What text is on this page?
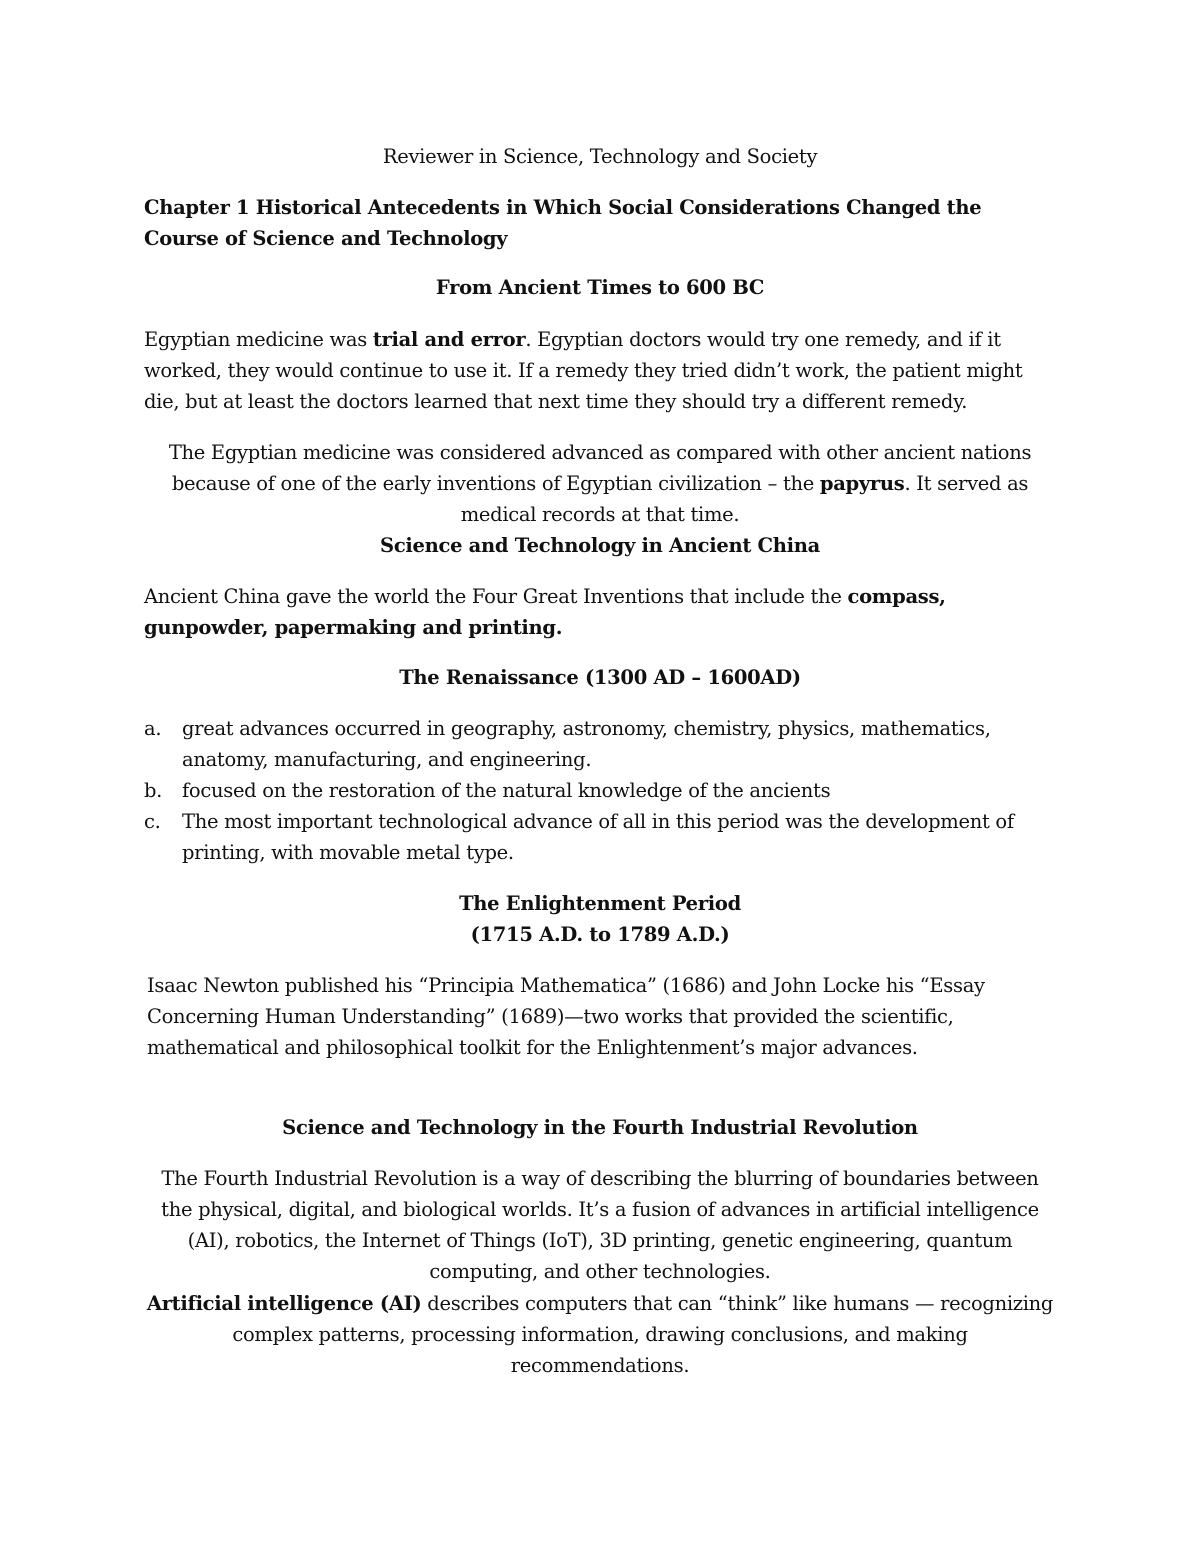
Reviewer in Science, Technology and Society

Chapter 1 Historical Antecedents in Which Social Considerations Changed the Course of Science and Technology

From Ancient Times to 600 BC

Egyptian medicine was trial and error. Egyptian doctors would try one remedy, and if it worked, they would continue to use it. If a remedy they tried didn’t work, the patient might die, but at least the doctors learned that next time they should try a different remedy.

The Egyptian medicine was considered advanced as compared with other ancient nations because of one of the early inventions of Egyptian civilization – the papyrus. It served as medical records at that time.

Science and Technology in Ancient China

Ancient China gave the world the Four Great Inventions that include the compass, gunpowder, papermaking and printing.

The Renaissance (1300 AD – 1600AD)

a. great advances occurred in geography, astronomy, chemistry, physics, mathematics, anatomy, manufacturing, and engineering.
b. focused on the restoration of the natural knowledge of the ancients
c. The most important technological advance of all in this period was the development of printing, with movable metal type.

The Enlightenment Period

(1715 A.D. to 1789 A.D.)

Isaac Newton published his “Principia Mathematica” (1686) and John Locke his “Essay Concerning Human Understanding” (1689)—two works that provided the scientific, mathematical and philosophical toolkit for the Enlightenment’s major advances.

Science and Technology in the Fourth Industrial Revolution

The Fourth Industrial Revolution is a way of describing the blurring of boundaries between the physical, digital, and biological worlds. It’s a fusion of advances in artificial intelligence (AI), robotics, the Internet of Things (IoT), 3D printing, genetic engineering, quantum computing, and other technologies.

Artificial intelligence (AI) describes computers that can “think” like humans — recognizing complex patterns, processing information, drawing conclusions, and making recommendations.
